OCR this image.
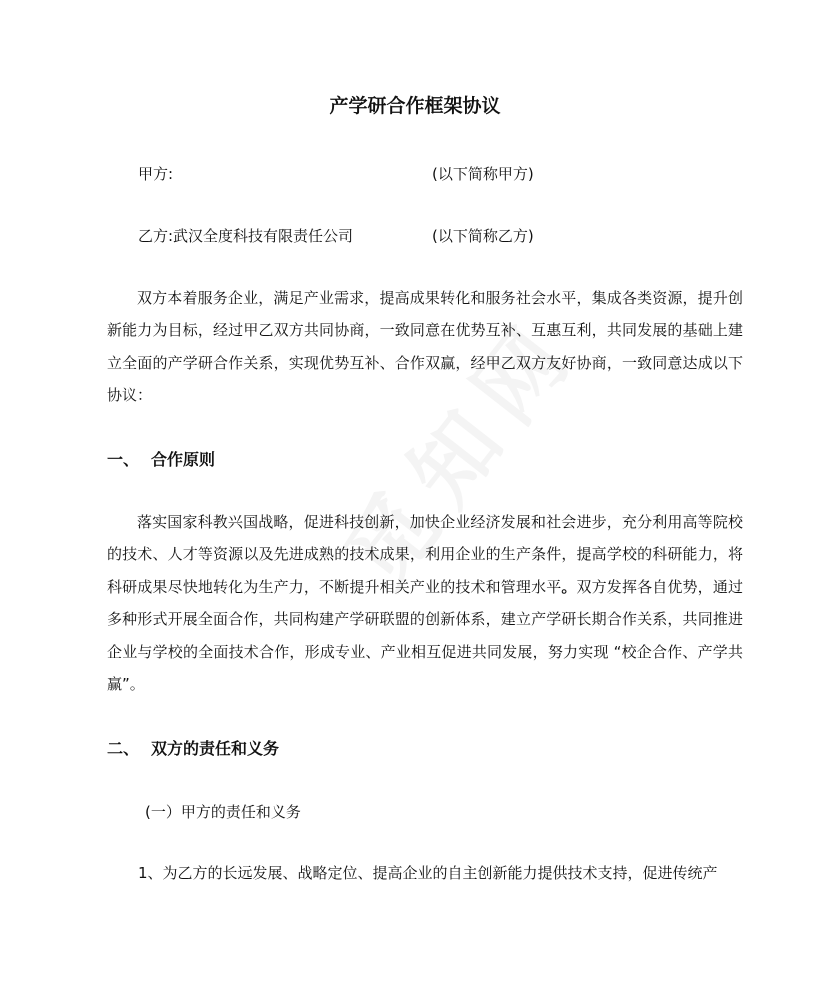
产学研合作框架协议
甲方:	(以下简称甲方)
乙方:武汉全度科技有限责任公司	(以下简称乙方)

双方本着服务企业，满足产业需求，提高成果转化和服务社会水平，集成各类资源，提升创新能力为目标，经过甲乙双方共同协商，一致同意在优势互补、互惠互利，共同发展的基础上建立全面的产学研合作关系，实现优势互补、合作双赢，经甲乙双方友好协商，一致同意达成以下协议：

一、 合作原则

落实国家科教兴国战略，促进科技创新，加快企业经济发展和社会进步，充分利用高等院校的技术、人才等资源以及先进成熟的技术成果，利用企业的生产条件，提高学校的科研能力，将科研成果尽快地转化为生产力，不断提升相关产业的技术和管理水平。双方发挥各自优势，通过多种形式开展全面合作，共同构建产学研联盟的创新体系，建立产学研长期合作关系，共同推进企业与学校的全面技术合作，形成专业、产业相互促进共同发展，努力实现 “校企合作、产学共赢”。

二、 双方的责任和义务
(一）甲方的责任和义务
1、为乙方的长远发展、战略定位、提高企业的自主创新能力提供技术支持，促进传统产
